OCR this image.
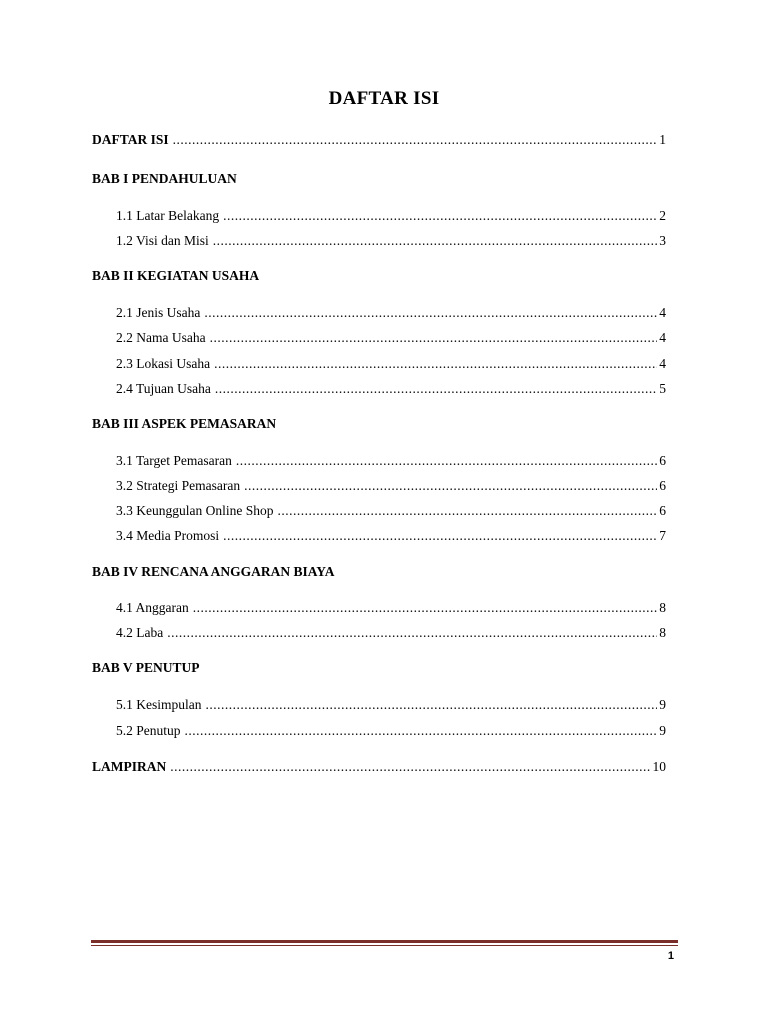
DAFTAR ISI
DAFTAR ISI .....	1
BAB I PENDAHULUAN
1.1 Latar Belakang .....	2
1.2 Visi dan Misi .....	3
BAB II KEGIATAN USAHA
2.1 Jenis Usaha .....	4
2.2 Nama Usaha .....	4
2.3 Lokasi Usaha .....	4
2.4 Tujuan Usaha .....	5
BAB III ASPEK PEMASARAN
3.1 Target Pemasaran .....	6
3.2 Strategi Pemasaran .....	6
3.3 Keunggulan Online Shop .....	6
3.4 Media Promosi .....	7
BAB IV RENCANA ANGGARAN BIAYA
4.1 Anggaran .....	8
4.2 Laba .....	8
BAB V PENUTUP
5.1 Kesimpulan .....	9
5.2 Penutup .....	9
LAMPIRAN .....	10
1
